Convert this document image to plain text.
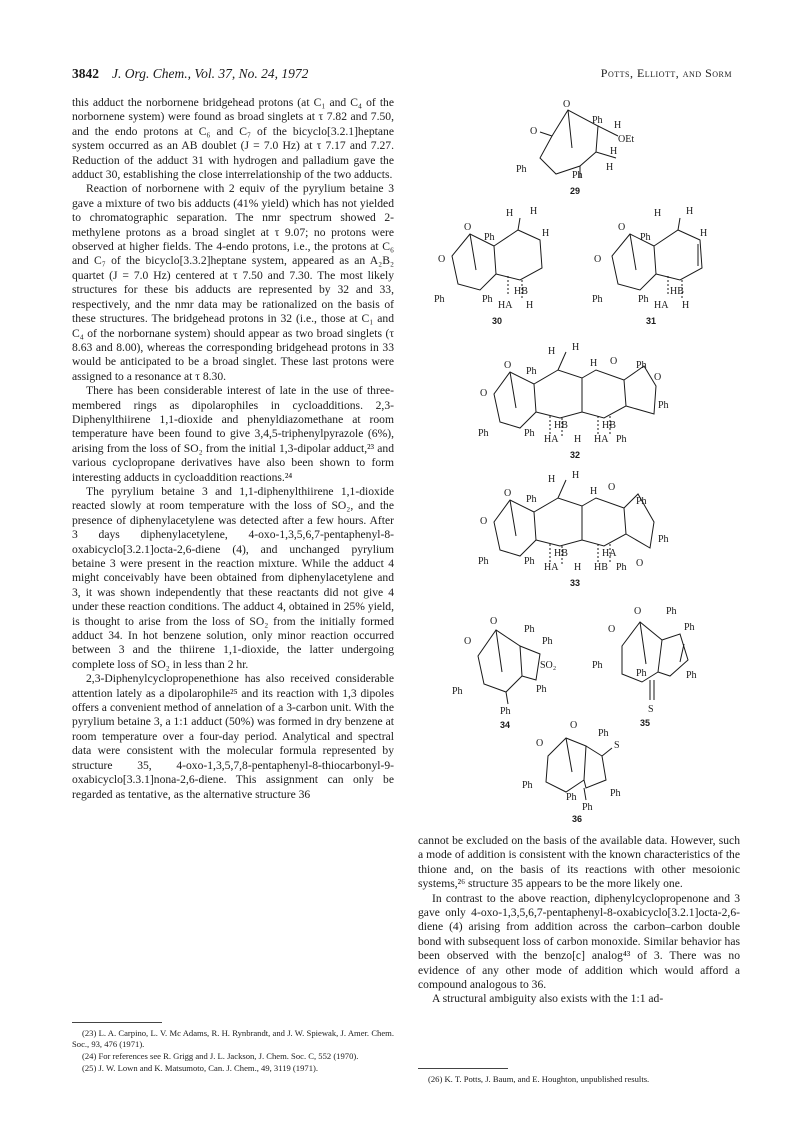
3842 J. Org. Chem., Vol. 37, No. 24, 1972	Potts, Elliott, and Sorm

this adduct the norbornene bridgehead protons (at C₁ and C₄ of the norbornene system) were found as broad singlets at τ 7.82 and 7.50, and the endo protons at C₆ and C₇ of the bicyclo[3.2.1]heptane system occurred as an AB doublet (J = 7.0 Hz) at τ 7.17 and 7.27. Reduction of the adduct 31 with hydrogen and palladium gave the adduct 30, establishing the close interrelationship of the two adducts.

Reaction of norbornene with 2 equiv of the pyrylium betaine 3 gave a mixture of two bis adducts (41% yield) which has not yielded to chromatographic separation. The nmr spectrum showed 2-methylene protons as a broad singlet at τ 9.07; no protons were observed at higher fields. The 4-endo protons, i.e., the protons at C₆ and C₇ of the bicyclo[3.3.2]heptane system, appeared as an A₂B₂ quartet (J = 7.0 Hz) centered at τ 7.50 and 7.30. The most likely structures for these bis adducts are represented by 32 and 33, respectively, and the nmr data may be rationalized on the basis of these structures. The bridgehead protons in 32 (i.e., those at C₁ and C₄ of the norbornane system) should appear as two broad singlets (τ 8.63 and 8.00), whereas the corresponding bridgehead protons in 33 would be anticipated to be a broad singlet. These last protons were assigned to a resonance at τ 8.30.

There has been considerable interest of late in the use of three-membered rings as dipolarophiles in cycloadditions. 2,3-Diphenylthiirene 1,1-dioxide and phenyldiazomethane at room temperature have been found to give 3,4,5-triphenylpyrazole (6%), arising from the loss of SO₂ from the initial 1,3-dipolar adduct,²³ and various cyclopropane derivatives have also been shown to form interesting adducts in cycloaddition reactions.²⁴

The pyrylium betaine 3 and 1,1-diphenylthiirene 1,1-dioxide reacted slowly at room temperature with the loss of SO₂, and the presence of diphenylacetylene was detected after a few hours. After 3 days diphenylacetylene, 4-oxo-1,3,5,6,7-pentaphenyl-8-oxabicyclo[3.2.1]octa-2,6-diene (4), and unchanged pyrylium betaine 3 were present in the reaction mixture. While the adduct 4 might conceivably have been obtained from diphenylacetylene and 3, it was shown independently that these reactants did not give 4 under these reaction conditions. The adduct 4, obtained in 25% yield, is thought to arise from the loss of SO₂ from the initially formed adduct 34. In hot benzene solution, only minor reaction occurred between 3 and the thiirene 1,1-dioxide, the latter undergoing complete loss of SO₂ in less than 2 hr.

2,3-Diphenylcyclopropenethione has also received considerable attention lately as a dipolarophile²⁵ and its reaction with 1,3 dipoles offers a convenient method of annelation of a 3-carbon unit. With the pyrylium betaine 3, a 1:1 adduct (50%) was formed in dry benzene at room temperature over a four-day period. Analytical and spectral data were consistent with the molecular formula represented by structure 35, 4-oxo-1,3,5,7,8-pentaphenyl-8-thiocarbonyl-9-oxabicyclo[3.3.1]nona-2,6-diene. This assignment can only be regarded as tentative, as the alternative structure 36

(23) L. A. Carpino, L. V. Mc Adams, R. H. Rynbrandt, and J. W. Spiewak, J. Amer. Chem. Soc., 93, 476 (1971).

(24) For references see R. Grigg and J. L. Jackson, J. Chem. Soc. C, 552 (1970).

(25) J. W. Lown and K. Matsumoto, Can. J. Chem., 49, 3119 (1971).

cannot be excluded on the basis of the available data. However, such a mode of addition is consistent with the known characteristics of the thione and, on the basis of its reactions with other mesoionic systems,²⁶ structure 35 appears to be the more likely one.

In contrast to the above reaction, diphenylcyclopropenone and 3 gave only 4-oxo-1,3,5,6,7-pentaphenyl-8-oxabicyclo[3.2.1]octa-2,6-diene (4) arising from addition across the carbon–carbon double bond with subsequent loss of carbon monoxide. Similar behavior has been observed with the benzo[c] analog⁴³ of 3. There was no evidence of any other mode of addition which would afford a compound analogous to 36.

A structural ambiguity also exists with the 1:1 ad-

(26) K. T. Potts, J. Baum, and E. Houghton, unpublished results.

O
O
Ph H
OEt
H
Ph
Ph
H
29
H H
O
Ph	H
O
Ph	Ph
HB
HA H
30
H H
O
Ph	H
O
Ph	Ph
HB
HA H
31
H H
O
Ph
H O Ph
O
O
Ph
Ph	Ph
HB	HB
HA H HA Ph
32
H H
O
Ph
H O
Ph
O
Ph
Ph	Ph
HB
HA
HA
H HB Ph O
33
O
O
Ph
Ph
SO₂
Ph
Ph
Ph
34
O
O
Ph
Ph
Ph
Ph
Ph
S
35
O
O
Ph
S
Ph
Ph	Ph
Ph
36
